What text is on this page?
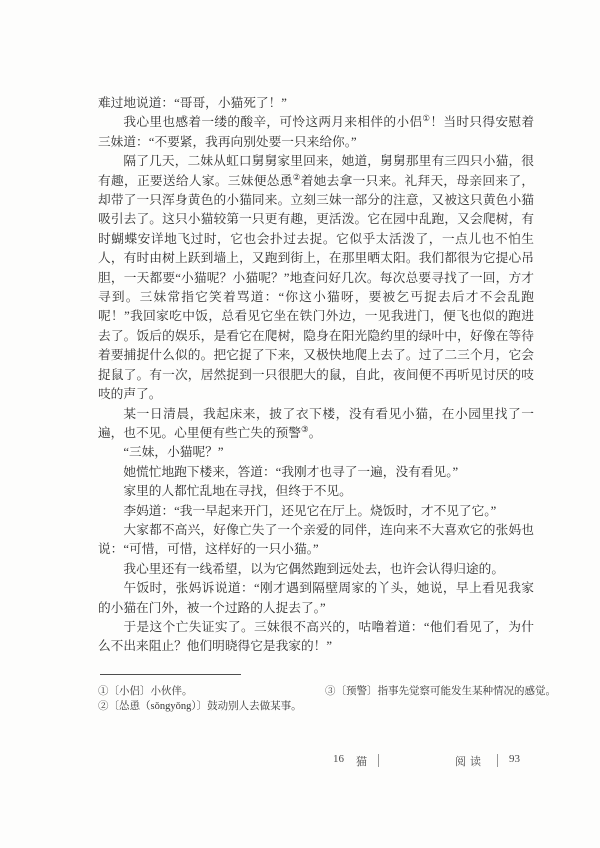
难过地说道：“哥哥，小猫死了！”

我心里也感着一缕的酸辛，可怜这两月来相伴的小侣①！当时只得安慰着三妹道：“不要紧，我再向别处要一只来给你。”

隔了几天，二妹从虹口舅舅家里回来，她道，舅舅那里有三四只小猫，很有趣，正要送给人家。三妹便怂恿②着她去拿一只来。礼拜天，母亲回来了，却带了一只浑身黄色的小猫同来。立刻三妹一部分的注意，又被这只黄色小猫吸引去了。这只小猫较第一只更有趣，更活泼。它在园中乱跑，又会爬树，有时蝴蝶安详地飞过时，它也会扑过去捉。它似乎太活泼了，一点儿也不怕生人，有时由树上跃到墙上，又跑到街上，在那里晒太阳。我们都很为它提心吊胆，一天都要“小猫呢？小猫呢？”地查问好几次。每次总要寻找了一回，方才寻到。三妹常指它笑着骂道：“你这小猫呀，要被乞丐捉去后才不会乱跑呢！”我回家吃中饭，总看见它坐在铁门外边，一见我进门，便飞也似的跑进去了。饭后的娱乐，是看它在爬树，隐身在阳光隐约里的绿叶中，好像在等待着要捕捉什么似的。把它捉了下来，又极快地爬上去了。过了二三个月，它会捉鼠了。有一次，居然捉到一只很肥大的鼠，自此，夜间便不再听见讨厌的吱吱的声了。

某一日清晨，我起床来，披了衣下楼，没有看见小猫，在小园里找了一遍，也不见。心里便有些亡失的预警③。

“三妹，小猫呢？”

她慌忙地跑下楼来，答道：“我刚才也寻了一遍，没有看见。”

家里的人都忙乱地在寻找，但终于不见。

李妈道：“我一早起来开门，还见它在厅上。烧饭时，才不见了它。”

大家都不高兴，好像亡失了一个亲爱的同伴，连向来不大喜欢它的张妈也说：“可惜，可惜，这样好的一只小猫。”

我心里还有一线希望，以为它偶然跑到远处去，也许会认得归途的。

午饭时，张妈诉说道：“刚才遇到隔壁周家的丫头，她说，早上看见我家的小猫在门外，被一个过路的人捉去了。”

于是这个亡失证实了。三妹很不高兴的，咕噜着道：“他们看见了，为什么不出来阻止？他们明晓得它是我家的！”

①〔小侣〕小伙伴。

②〔怂恿（sǒngyǒng）〕鼓动别人去做某事。

③〔预警〕指事先觉察可能发生某种情况的感觉。

16 猫	阅读 93
